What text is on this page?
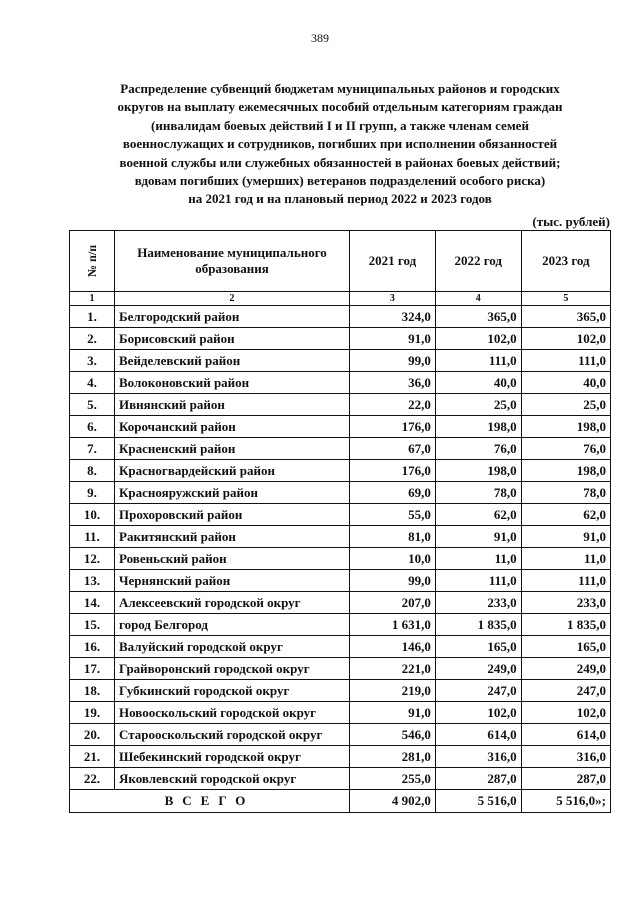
389
Распределение субвенций бюджетам муниципальных районов и городских
округов на выплату ежемесячных пособий отдельным категориям граждан
(инвалидам боевых действий I и II групп, а также членам семей
военнослужащих и сотрудников, погибших при исполнении обязанностей
военной службы или служебных обязанностей в районах боевых действий;
вдовам погибших (умерших) ветеранов подразделений особого риска)
на 2021 год и на плановый период 2022 и 2023 годов
(тыс. рублей)
№ п/п	Наименование муниципального
образования	2021 год	2022 год	2023 год
1	2	3	4	5
1.	Белгородский район	324,0	365,0	365,0
2.	Борисовский район	91,0	102,0	102,0
3.	Вейделевский район	99,0	111,0	111,0
4.	Волоконовский район	36,0	40,0	40,0
5.	Ивнянский район	22,0	25,0	25,0
6.	Корочанский район	176,0	198,0	198,0
7.	Красненский район	67,0	76,0	76,0
8.	Красногвардейский район	176,0	198,0	198,0
9.	Краснояружский район	69,0	78,0	78,0
10.	Прохоровский район	55,0	62,0	62,0
11.	Ракитянский район	81,0	91,0	91,0
12.	Ровеньский район	10,0	11,0	11,0
13.	Чернянский район	99,0	111,0	111,0
14.	Алексеевский городской округ	207,0	233,0	233,0
15.	город Белгород	1 631,0	1 835,0	1 835,0
16.	Валуйский городской округ	146,0	165,0	165,0
17.	Грайворонский городской округ	221,0	249,0	249,0
18.	Губкинский городской округ	219,0	247,0	247,0
19.	Новооскольский городской округ	91,0	102,0	102,0
20.	Старооскольский городской округ	546,0	614,0	614,0
21.	Шебекинский городской округ	281,0	316,0	316,0
22.	Яковлевский городской округ	255,0	287,0	287,0
ВСЕГО		4 902,0	5 516,0	5 516,0»;
